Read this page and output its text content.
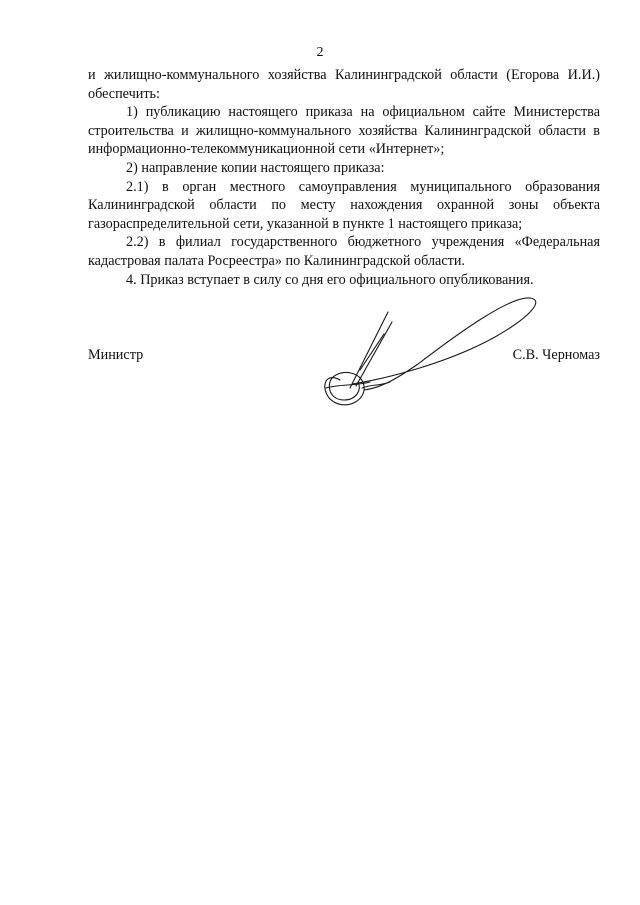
2

и жилищно-коммунального хозяйства Калининградской области (Егорова И.И.) обеспечить:

1) публикацию настоящего приказа на официальном сайте Министерства строительства и жилищно-коммунального хозяйства Калининградской области в информационно-телекоммуникационной сети «Интернет»;

2) направление копии настоящего приказа:

2.1) в орган местного самоуправления муниципального образования Калининградской области по месту нахождения охранной зоны объекта газораспределительной сети, указанной в пункте 1 настоящего приказа;

2.2) в филиал государственного бюджетного учреждения «Федеральная кадастровая палата Росреестра» по Калининградской области.

4. Приказ вступает в силу со дня его официального опубликования.

Министр	С.В. Черномаз
